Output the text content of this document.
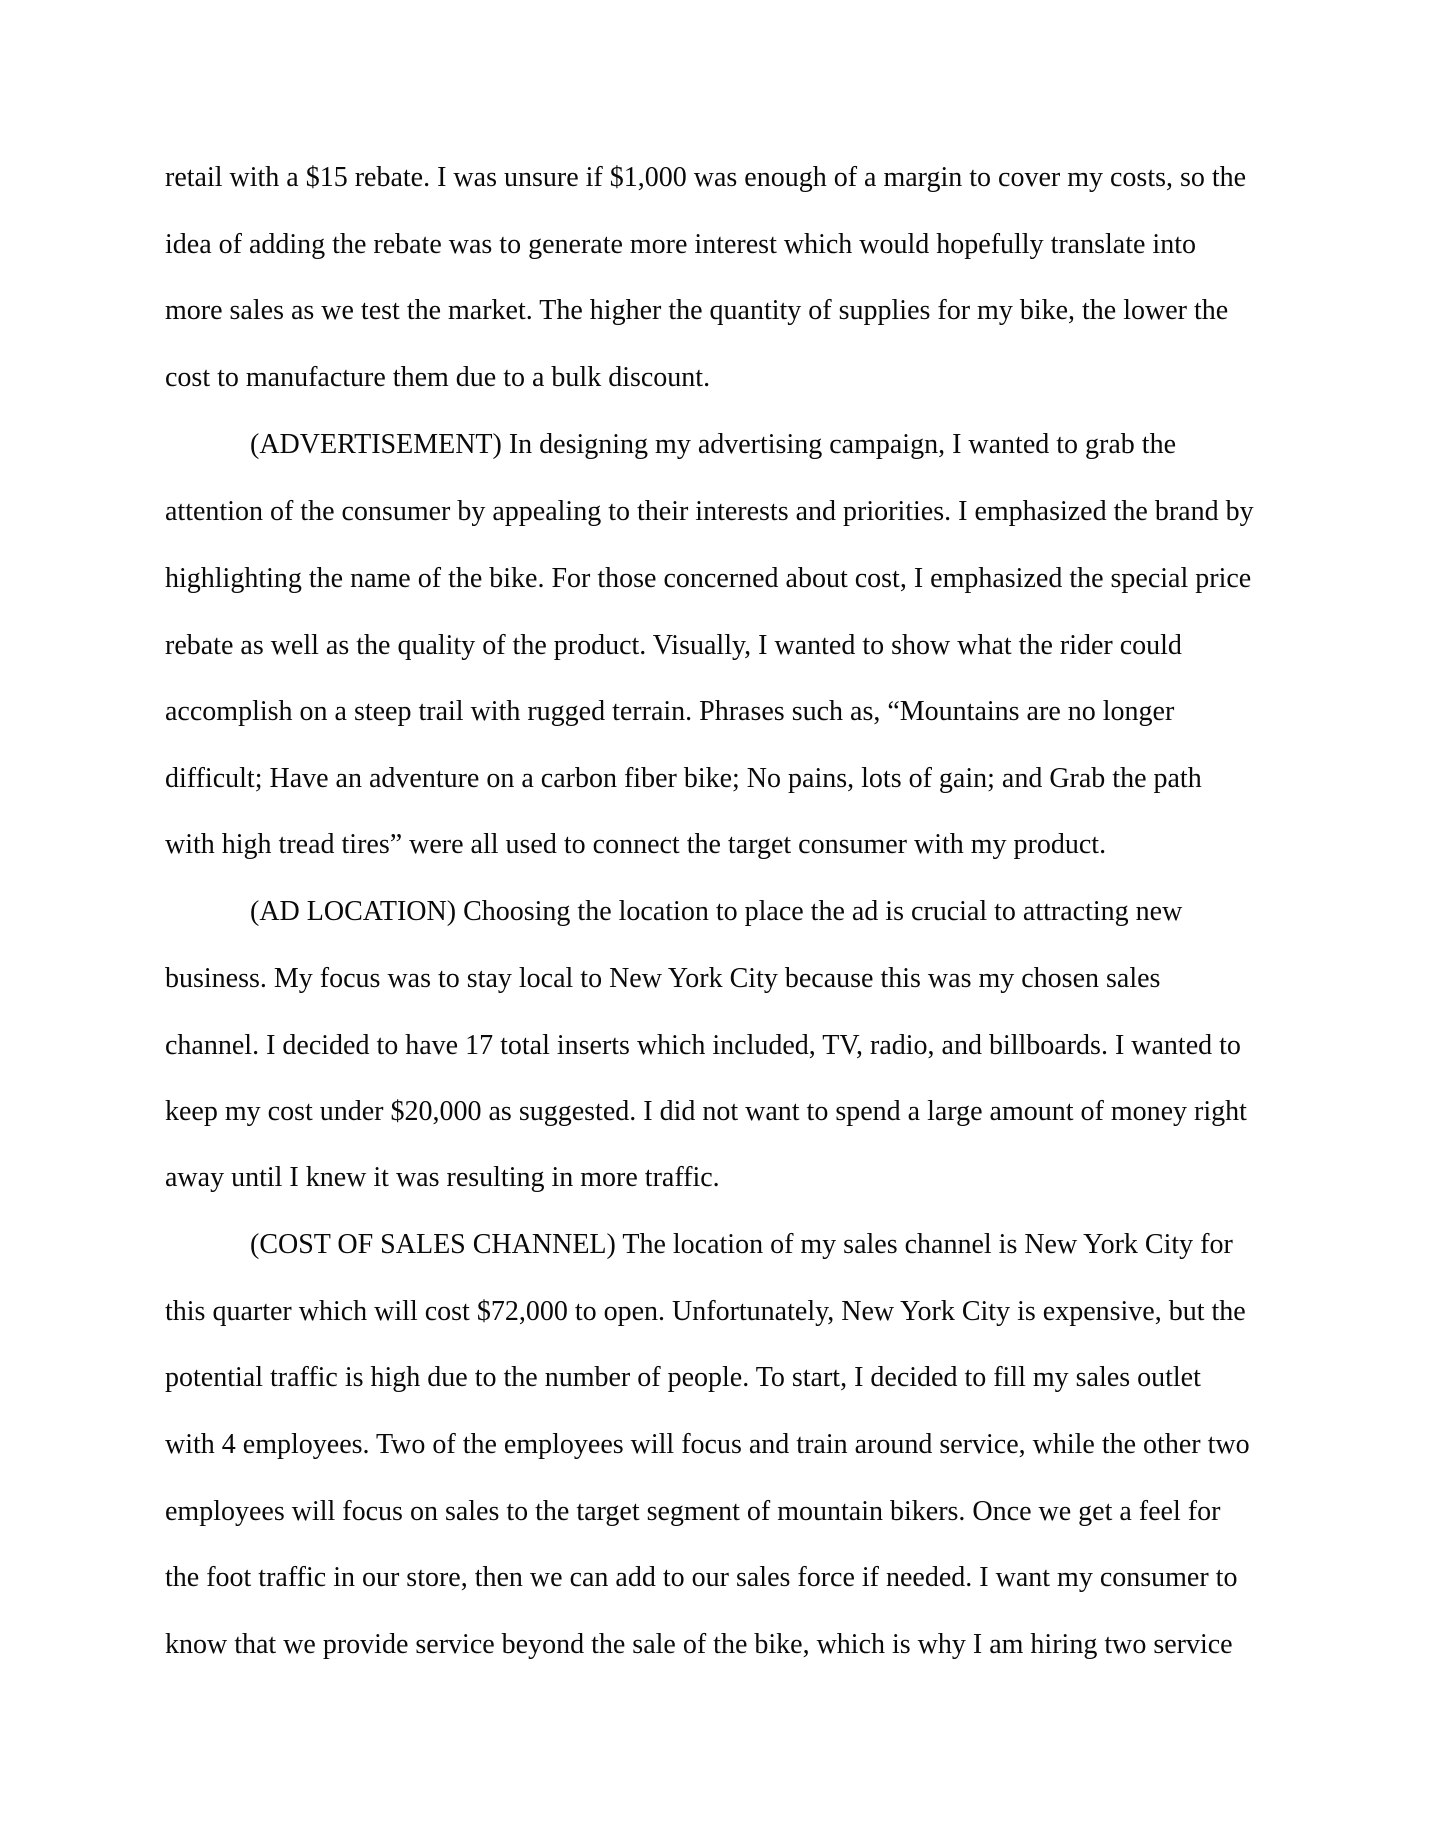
retail with a $15 rebate. I was unsure if $1,000 was enough of a margin to cover my costs, so the

idea of adding the rebate was to generate more interest which would hopefully translate into

more sales as we test the market. The higher the quantity of supplies for my bike, the lower the

cost to manufacture them due to a bulk discount.

(ADVERTISEMENT) In designing my advertising campaign, I wanted to grab the

attention of the consumer by appealing to their interests and priorities. I emphasized the brand by

highlighting the name of the bike. For those concerned about cost, I emphasized the special price

rebate as well as the quality of the product. Visually, I wanted to show what the rider could

accomplish on a steep trail with rugged terrain. Phrases such as, “Mountains are no longer

difficult; Have an adventure on a carbon fiber bike; No pains, lots of gain; and Grab the path

with high tread tires” were all used to connect the target consumer with my product.

(AD LOCATION) Choosing the location to place the ad is crucial to attracting new

business. My focus was to stay local to New York City because this was my chosen sales

channel. I decided to have 17 total inserts which included, TV, radio, and billboards. I wanted to

keep my cost under $20,000 as suggested. I did not want to spend a large amount of money right

away until I knew it was resulting in more traffic.

(COST OF SALES CHANNEL) The location of my sales channel is New York City for

this quarter which will cost $72,000 to open. Unfortunately, New York City is expensive, but the

potential traffic is high due to the number of people. To start, I decided to fill my sales outlet

with 4 employees. Two of the employees will focus and train around service, while the other two

employees will focus on sales to the target segment of mountain bikers. Once we get a feel for

the foot traffic in our store, then we can add to our sales force if needed. I want my consumer to

know that we provide service beyond the sale of the bike, which is why I am hiring two service
